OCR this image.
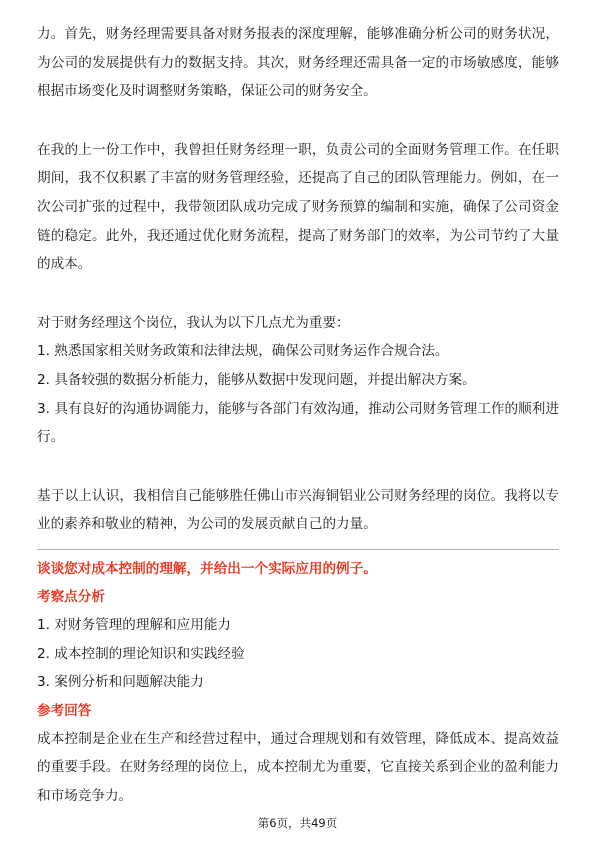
力。首先，财务经理需要具备对财务报表的深度理解，能够准确分析公司的财务状况，为公司的发展提供有力的数据支持。其次，财务经理还需具备一定的市场敏感度，能够根据市场变化及时调整财务策略，保证公司的财务安全。

在我的上一份工作中，我曾担任财务经理一职，负责公司的全面财务管理工作。在任职期间，我不仅积累了丰富的财务管理经验，还提高了自己的团队管理能力。例如，在一次公司扩张的过程中，我带领团队成功完成了财务预算的编制和实施，确保了公司资金链的稳定。此外，我还通过优化财务流程，提高了财务部门的效率，为公司节约了大量的成本。

对于财务经理这个岗位，我认为以下几点尤为重要：

1. 熟悉国家相关财务政策和法律法规，确保公司财务运作合规合法。

2. 具备较强的数据分析能力，能够从数据中发现问题，并提出解决方案。

3. 具有良好的沟通协调能力，能够与各部门有效沟通，推动公司财务管理工作的顺利进行。

基于以上认识，我相信自己能够胜任佛山市兴海铜铝业公司财务经理的岗位。我将以专业的素养和敬业的精神，为公司的发展贡献自己的力量。

谈谈您对成本控制的理解，并给出一个实际应用的例子。

考察点分析

1. 对财务管理的理解和应用能力

2. 成本控制的理论知识和实践经验

3. 案例分析和问题解决能力

参考回答

成本控制是企业在生产和经营过程中，通过合理规划和有效管理，降低成本、提高效益的重要手段。在财务经理的岗位上，成本控制尤为重要，它直接关系到企业的盈利能力和市场竞争力。

第6页，共49页
